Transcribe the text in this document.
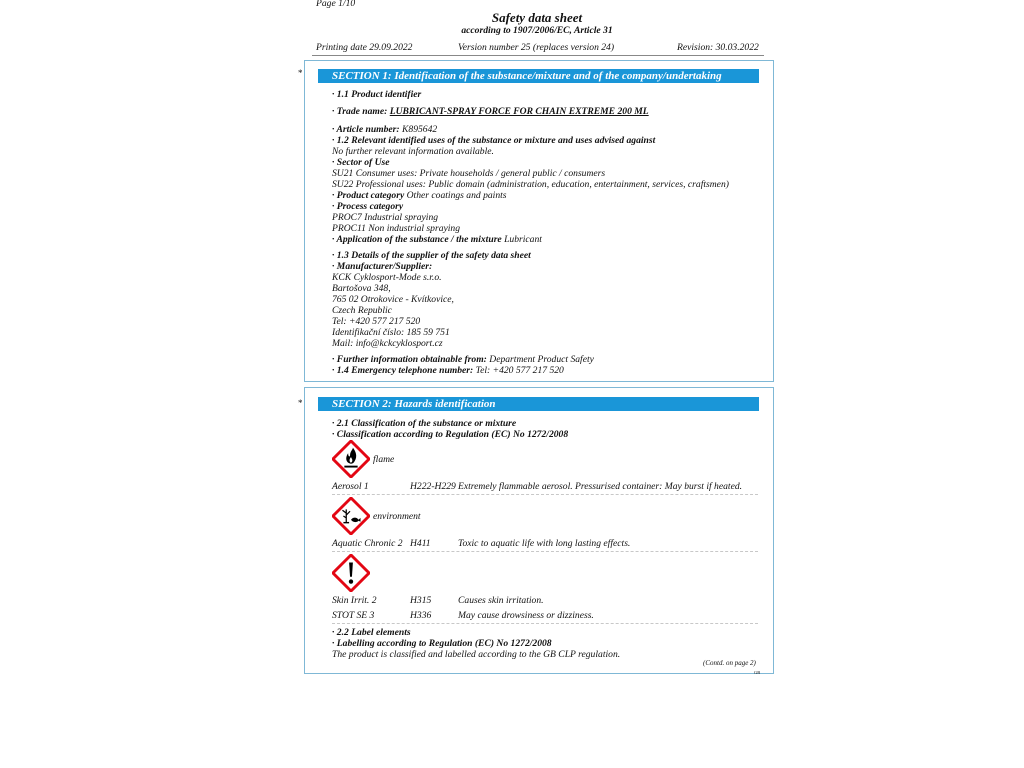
Page 1/10
Safety data sheet
according to 1907/2006/EC, Article 31
Printing date 29.09.2022	Version number 25 (replaces version 24)	Revision: 30.03.2022
*	SECTION 1: Identification of the substance/mixture and of the company/undertaking
· 1.1 Product identifier
· Trade name: LUBRICANT-SPRAY FORCE FOR CHAIN EXTREME 200 ML
· Article number: K895642
· 1.2 Relevant identified uses of the substance or mixture and uses advised against
No further relevant information available.
· Sector of Use
SU21 Consumer uses: Private households / general public / consumers
SU22 Professional uses: Public domain (administration, education, entertainment, services, craftsmen)
· Product category Other coatings and paints
· Process category
PROC7 Industrial spraying
PROC11 Non industrial spraying
· Application of the substance / the mixture Lubricant
· 1.3 Details of the supplier of the safety data sheet
· Manufacturer/Supplier:
KCK Cyklosport-Mode s.r.o.
Bartošova 348,
765 02 Otrokovice - Kvítkovice,
Czech Republic
Tel: +420 577 217 520
Identifikační číslo: 185 59 751
Mail: info@kckcyklosport.cz
· Further information obtainable from: Department Product Safety
· 1.4 Emergency telephone number: Tel: +420 577 217 520
*	SECTION 2: Hazards identification
· 2.1 Classification of the substance or mixture
· Classification according to Regulation (EC) No 1272/2008
flame
Aerosol 1	H222-H229 Extremely flammable aerosol. Pressurised container: May burst if heated.
environment
Aquatic Chronic 2 H411	Toxic to aquatic life with long lasting effects.
Skin Irrit. 2	H315	Causes skin irritation.
STOT SE 3	H336	May cause drowsiness or dizziness.
· 2.2 Label elements
· Labelling according to Regulation (EC) No 1272/2008
The product is classified and labelled according to the GB CLP regulation.
(Contd. on page 2)
GB
